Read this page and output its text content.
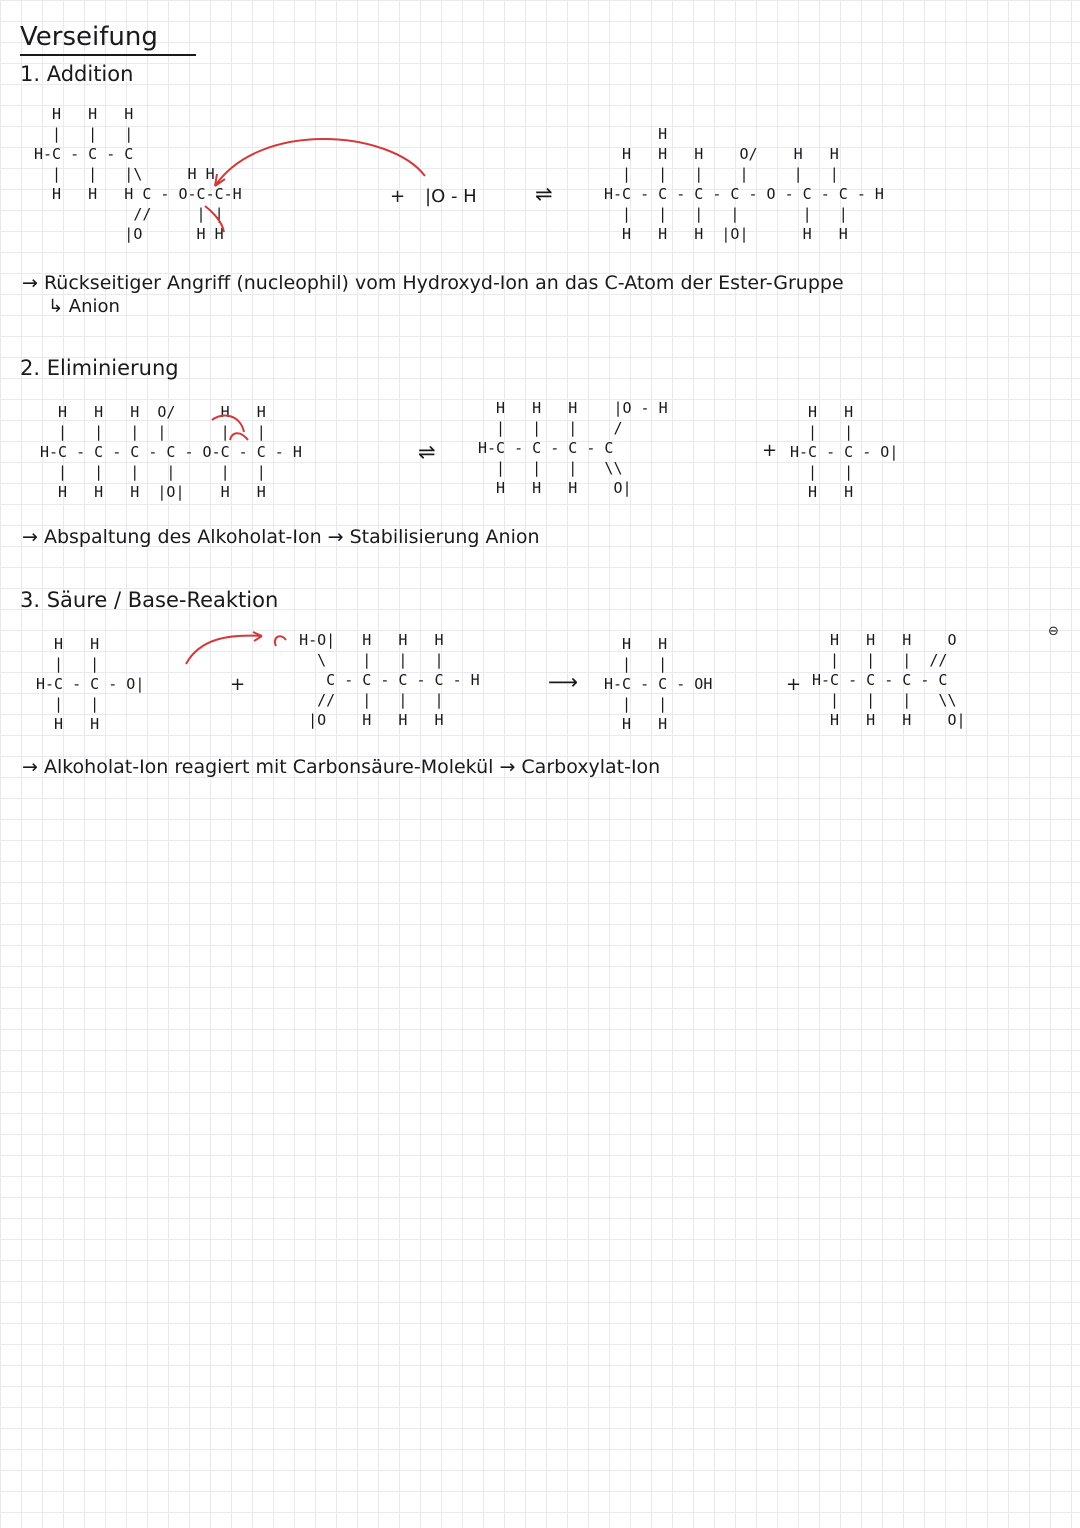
Verseifung
1. Addition
H   H   H
|   |   |
H-C - C - C
|   |   |\     H H
H   H   H C - O-C-C-H
//     | |
|O      H H
+ |O - H	⇌
H
H   H   H    O/    H   H
|   |   |    |     |   |
H-C - C - C - C - O - C - C - H
|   |   |   |       |   |
H   H   H  |O|      H   H
→ Rückseitiger Angriff (nucleophil) vom Hydroxyd-Ion an das C-Atom der Ester-Gruppe
↳ Anion
2. Eliminierung
H   H   H  O/     H   H
|   |   |  |      |   |
H-C - C - C - C - O-C - C - H
|   |   |   |     |   |
H   H   H  |O|    H   H
⇌
H   H   H    |O - H
|   |   |    /
H-C - C - C - C
|   |   |   \\
H   H   H    O|
+
H   H
|   |
H-C - C - O|
|   |
H   H
→ Abspaltung des Alkoholat-Ion → Stabilisierung Anion
3. Säure / Base-Reaktion
H   H
|   |
H-C - C - O|
|   |
H   H
+
H-O|   H   H   H
\    |   |   |
C - C - C - C - H
//   |   |   |
|O    H   H   H
⟶
H   H
|   |
H-C - C - OH
|   |
H   H
+
H   H   H    O
|   |   |  //
H-C - C - C - C
|   |   |   \\
H   H   H    O|
⊖
→ Alkoholat-Ion reagiert mit Carbonsäure-Molekül → Carboxylat-Ion
